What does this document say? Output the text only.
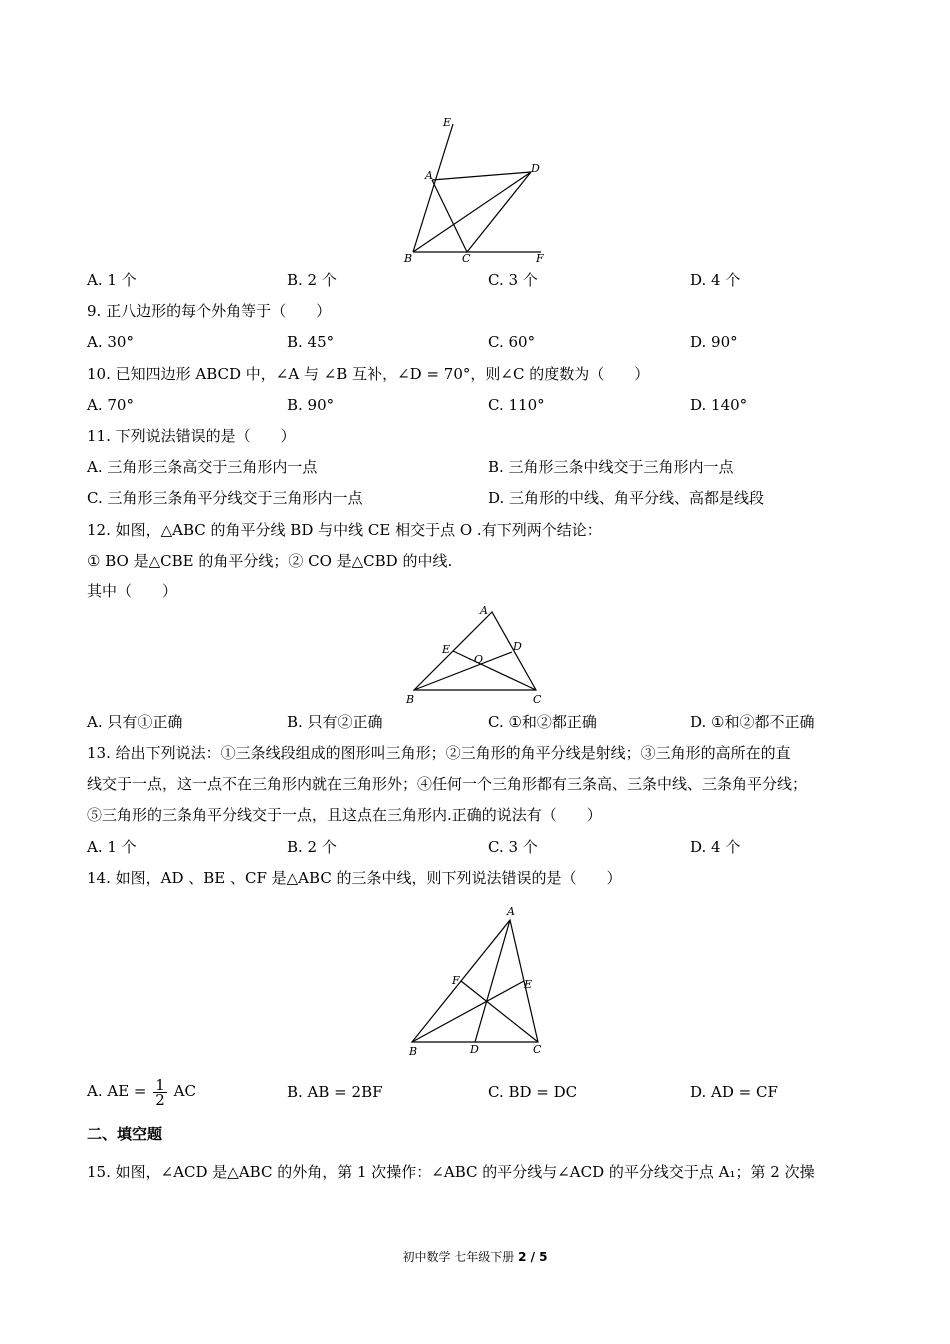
E
A
D
B	C	F
A. 1 个	B. 2 个	C. 3 个	D. 4 个
9. 正八边形的每个外角等于（　　）
A. 30°	B. 45°	C. 60°	D. 90°
10. 已知四边形 ABCD 中，∠A 与 ∠B 互补，∠D = 70°，则∠C 的度数为（　　）
A. 70°	B. 90°	C. 110°	D. 140°
11. 下列说法错误的是（　　）
A. 三角形三条高交于三角形内一点	B. 三角形三条中线交于三角形内一点
C. 三角形三条角平分线交于三角形内一点	D. 三角形的中线、角平分线、高都是线段
12. 如图，△ABC 的角平分线 BD 与中线 CE 相交于点 O .有下列两个结论：
① BO 是△CBE 的角平分线；② CO 是△CBD 的中线.
其中（　　）
A
E	D
O
B	C
A. 只有①正确	B. 只有②正确	C. ①和②都正确	D. ①和②都不正确
13. 给出下列说法：①三条线段组成的图形叫三角形；②三角形的角平分线是射线；③三角形的高所在的直
线交于一点，这一点不在三角形内就在三角形外；④任何一个三角形都有三条高、三条中线、三条角平分线；
⑤三角形的三条角平分线交于一点，且这点在三角形内.正确的说法有（　　）
A. 1 个	B. 2 个	C. 3 个	D. 4 个
14. 如图，AD 、BE 、CF 是△ABC 的三条中线，则下列说法错误的是（　　）
A
F	E
B	D	C
A. AE = $\frac{1}{2}$ AC	B. AB = 2BF	C. BD = DC	D. AD = CF
二、填空题
15. 如图，∠ACD 是△ABC 的外角，第 1 次操作：∠ABC 的平分线与∠ACD 的平分线交于点 A₁；第 2 次操
初中数学 七年级下册 2 / 5
